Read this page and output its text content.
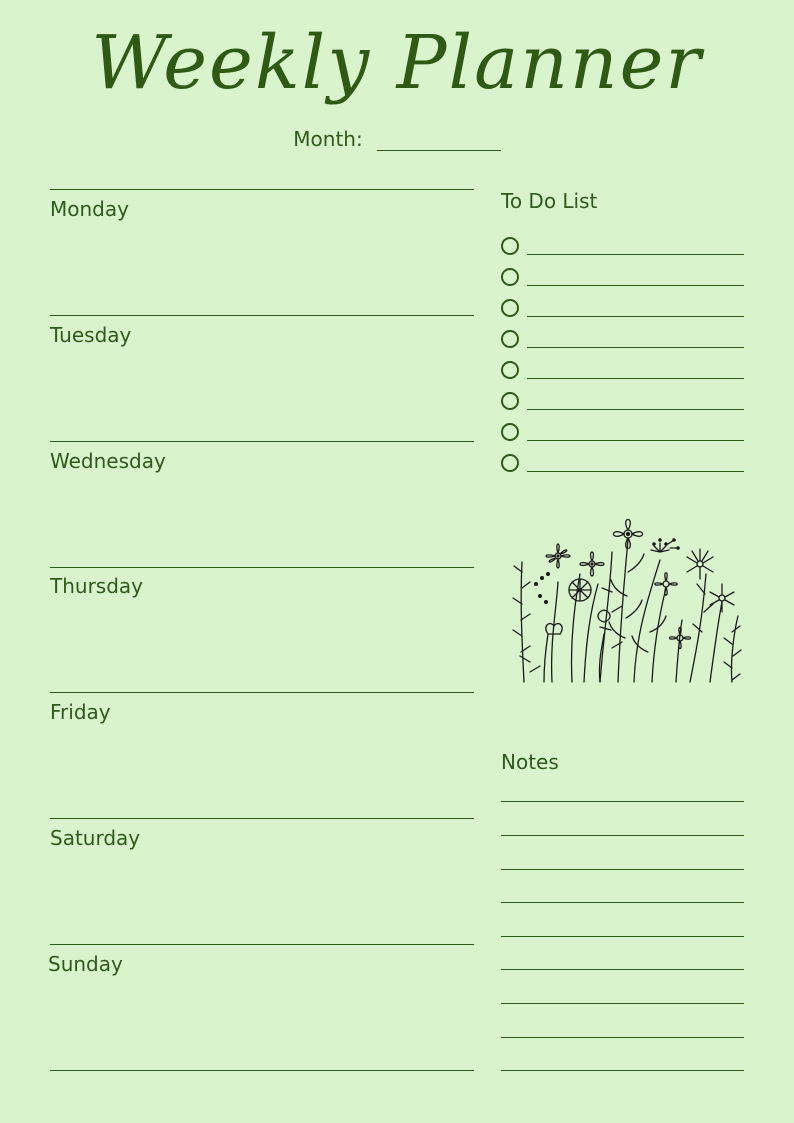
Weekly Planner
Month:
Monday
Tuesday
Wednesday
Thursday
Friday
Saturday
Sunday
To Do List
Notes
